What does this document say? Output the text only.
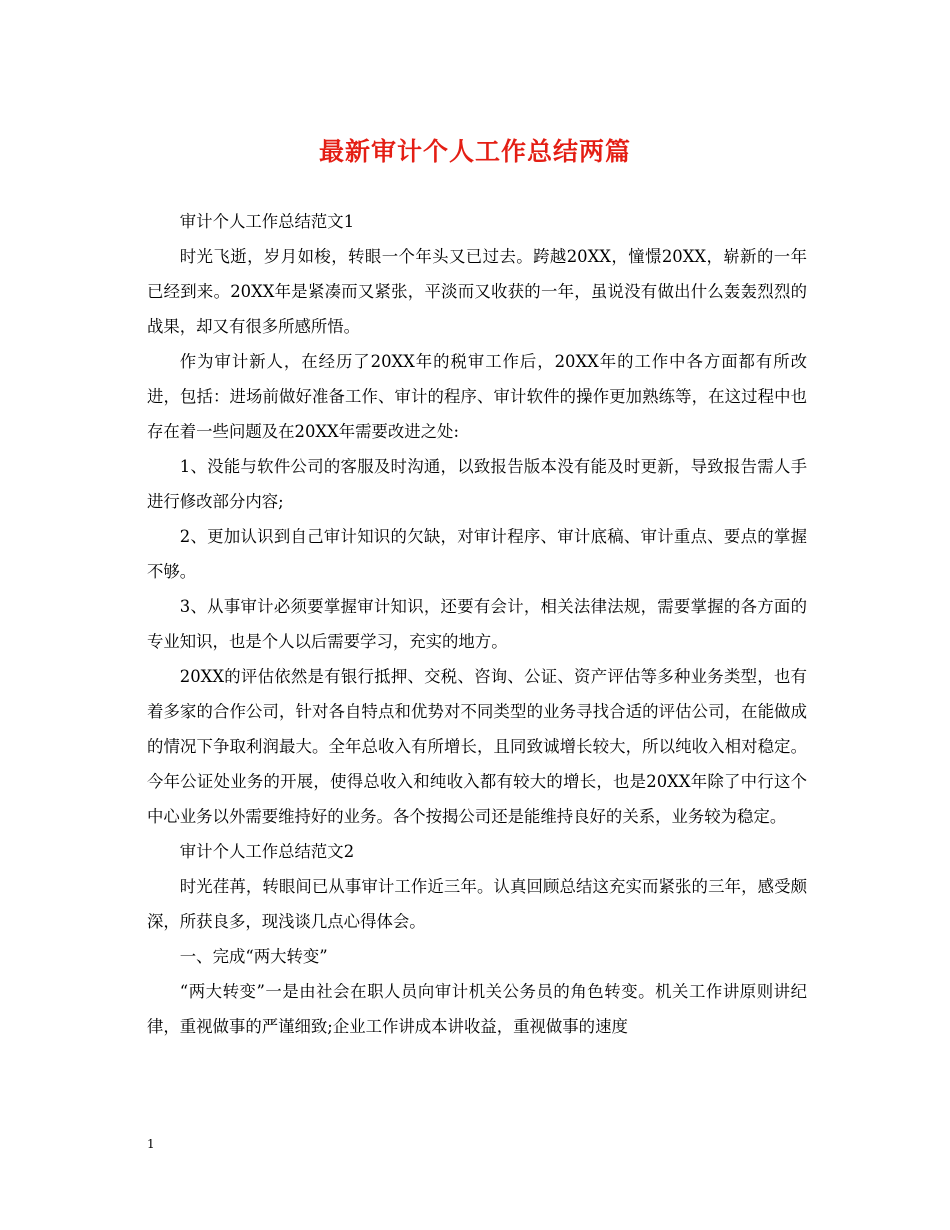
最新审计个人工作总结两篇

审计个人工作总结范文1

时光飞逝，岁月如梭，转眼一个年头又已过去。跨越20XX，憧憬20XX，崭新的一年已经到来。20XX年是紧凑而又紧张，平淡而又收获的一年，虽说没有做出什么轰轰烈烈的战果，却又有很多所感所悟。

作为审计新人，在经历了20XX年的税审工作后，20XX年的工作中各方面都有所改进，包括：进场前做好准备工作、审计的程序、审计软件的操作更加熟练等，在这过程中也存在着一些问题及在20XX年需要改进之处:

1、没能与软件公司的客服及时沟通，以致报告版本没有能及时更新，导致报告需人手进行修改部分内容;

2、更加认识到自己审计知识的欠缺，对审计程序、审计底稿、审计重点、要点的掌握不够。

3、从事审计必须要掌握审计知识，还要有会计，相关法律法规，需要掌握的各方面的专业知识，也是个人以后需要学习，充实的地方。

20XX的评估依然是有银行抵押、交税、咨询、公证、资产评估等多种业务类型，也有着多家的合作公司，针对各自特点和优势对不同类型的业务寻找合适的评估公司，在能做成的情况下争取利润最大。全年总收入有所增长，且同致诚增长较大，所以纯收入相对稳定。今年公证处业务的开展，使得总收入和纯收入都有较大的增长，也是20XX年除了中行这个中心业务以外需要维持好的业务。各个按揭公司还是能维持良好的关系，业务较为稳定。

审计个人工作总结范文2

时光荏苒，转眼间已从事审计工作近三年。认真回顾总结这充实而紧张的三年，感受颇深，所获良多，现浅谈几点心得体会。

一、完成“两大转变”

“两大转变”一是由社会在职人员向审计机关公务员的角色转变。机关工作讲原则讲纪律，重视做事的严谨细致;企业工作讲成本讲收益，重视做事的速度

1
